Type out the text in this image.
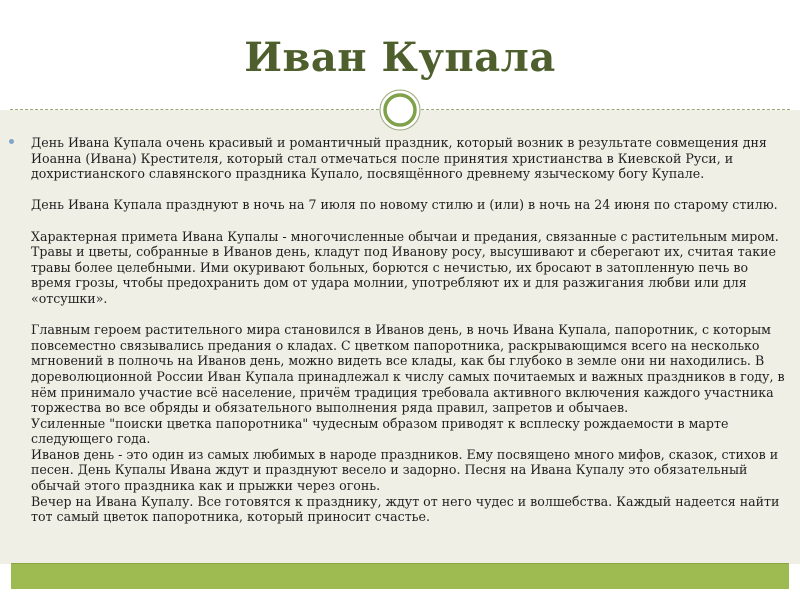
Иван Купала

День Ивана Купала очень красивый и романтичный праздник, который возник в результате совмещения дня Иоанна (Ивана) Крестителя, который стал отмечаться после принятия христианства в Киевской Руси, и дохристианского славянского праздника Купало, посвящённого древнему языческому богу Купале.

День Ивана Купала празднуют в ночь на 7 июля по новому стилю и (или) в ночь на 24 июня по старому стилю.

Характерная примета Ивана Купалы - многочисленные обычаи и предания, связанные с растительным миром. Травы и цветы, собранные в Иванов день, кладут под Иванову росу, высушивают и сберегают их, считая такие травы более целебными. Ими окуривают больных, борются с нечистью, их бросают в затопленную печь во время грозы, чтобы предохранить дом от удара молнии, употребляют их и для разжигания любви или для «отсушки».

Главным героем растительного мира становился в Иванов день, в ночь Ивана Купала, папоротник, с которым повсеместно связывались предания о кладах. С цветком папоротника, раскрывающимся всего на несколько мгновений в полночь на Иванов день, можно видеть все клады, как бы глубоко в земле они ни находились. В дореволюционной России Иван Купала принадлежал к числу самых почитаемых и важных праздников в году, в нём принимало участие всё население, причём традиция требовала активного включения каждого участника торжества во все обряды и обязательного выполнения ряда правил, запретов и обычаев.

Усиленные "поиски цветка папоротника" чудесным образом приводят к всплеску рождаемости в марте следующего года.

Иванов день - это один из самых любимых в народе праздников. Ему посвящено много мифов, сказок, стихов и песен. День Купалы Ивана ждут и празднуют весело и задорно. Песня на Ивана Купалу это обязательный обычай этого праздника как и прыжки через огонь.

Вечер на Ивана Купалу. Все готовятся к празднику, ждут от него чудес и волшебства. Каждый надеется найти тот самый цветок папоротника, который приносит счастье.
